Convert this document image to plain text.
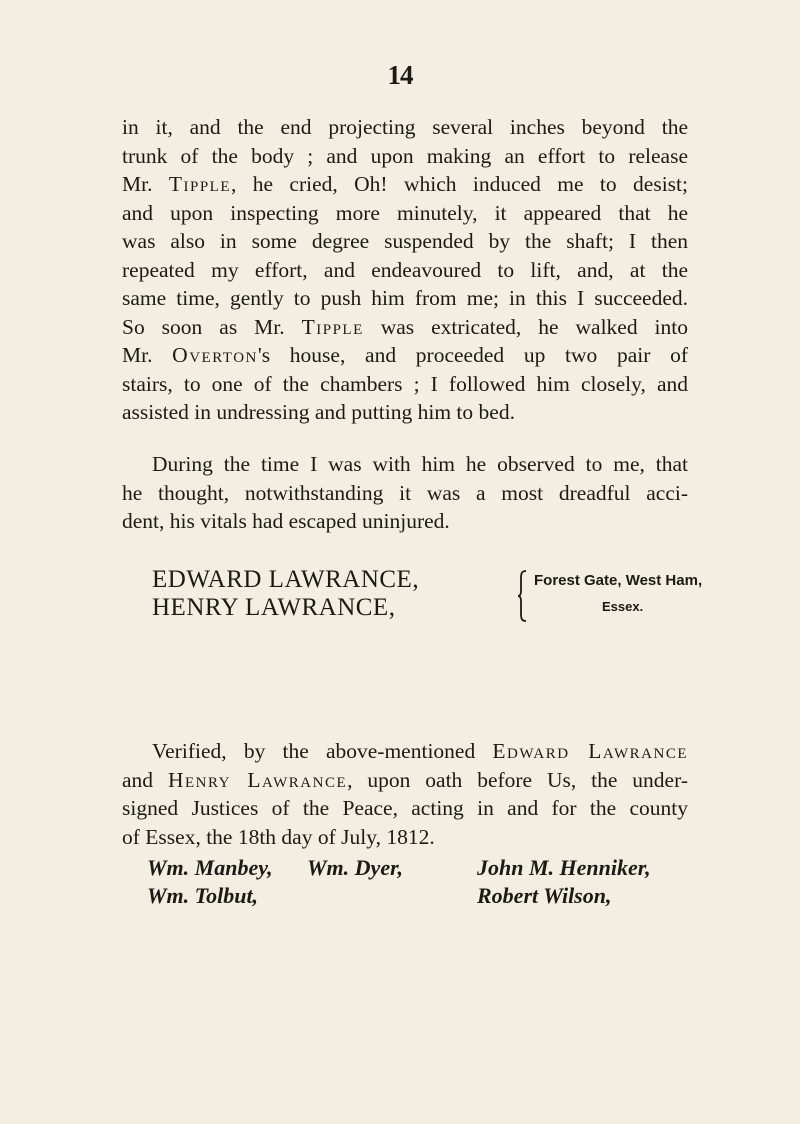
14

in it, and the end projecting several inches beyond the
trunk of the body ; and upon making an effort to release
Mr. Tipple, he cried, Oh! which induced me to desist;
and upon inspecting more minutely, it appeared that he
was also in some degree suspended by the shaft; I then
repeated my effort, and endeavoured to lift, and, at the
same time, gently to push him from me; in this I succeeded.
So soon as Mr. Tipple was extricated, he walked into
Mr. Overton's house, and proceeded up two pair of
stairs, to one of the chambers ; I followed him closely, and
assisted in undressing and putting him to bed.

During the time I was with him he observed to me, that
he thought, notwithstanding it was a most dreadful acci-
dent, his vitals had escaped uninjured.

EDWARD LAWRANCE,
HENRY LAWRANCE,
Forest Gate, West Ham,
Essex.

Verified, by the above-mentioned Edward Lawrance
and Henry Lawrance, upon oath before Us, the under-
signed Justices of the Peace, acting in and for the county
of Essex, the 18th day of July, 1812.

Wm. Manbey, Wm. Dyer,	John M. Henniker,
Wm. Tolbut,	Robert Wilson,
